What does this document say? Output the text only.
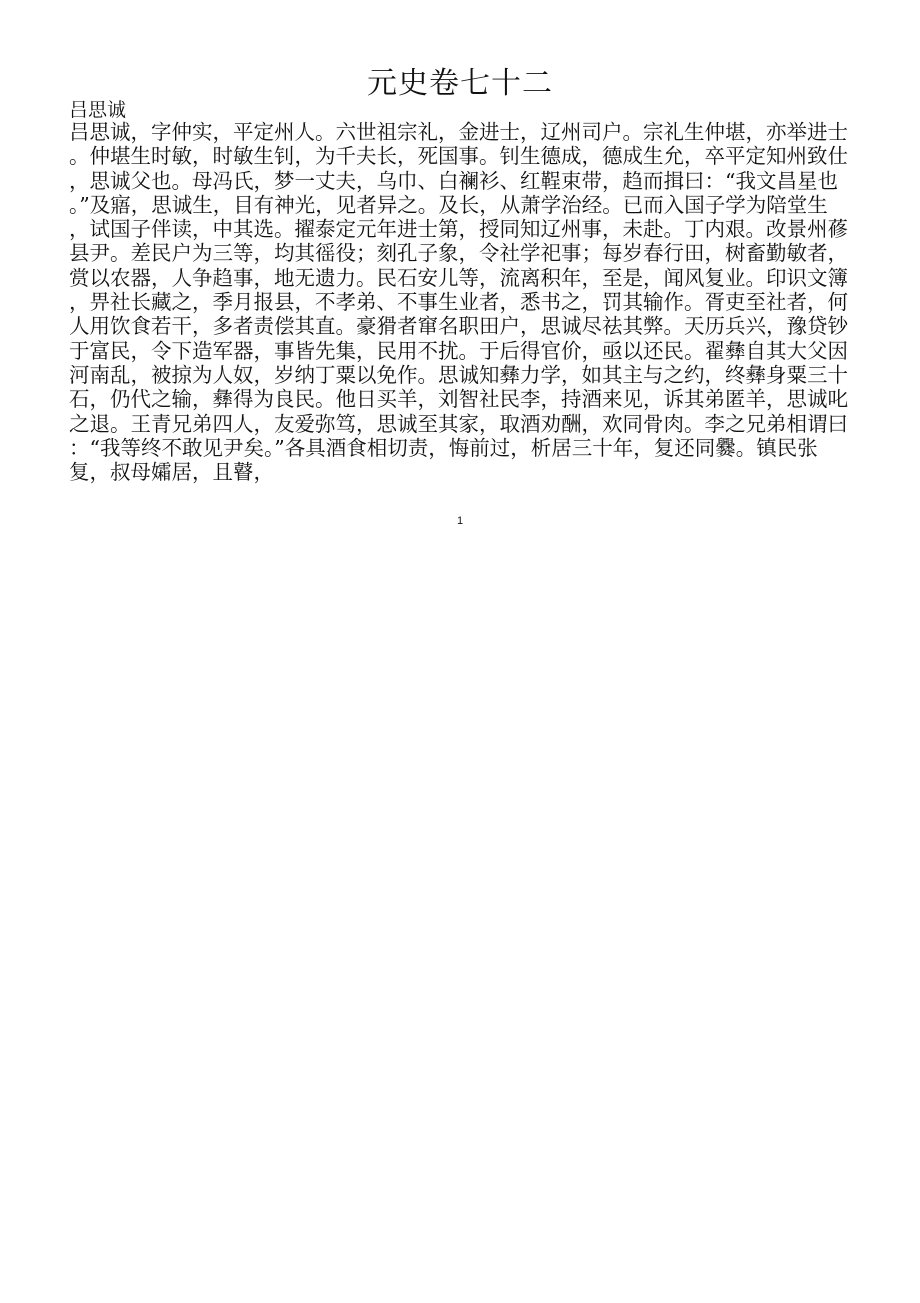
元史卷七十二

吕思诚

吕思诚，字仲实，平定州人。六世祖宗礼，金进士，辽州司户。宗礼生仲堪，亦举进士
。仲堪生时敏，时敏生钊，为千夫长，死国事。钊生德成，德成生允，卒平定知州致仕
，思诚父也。母冯氏，梦一丈夫，乌巾、白襕衫、红鞓束带，趋而揖曰：“我文昌星也
。”及寤，思诚生，目有神光，见者异之。及长，从萧学治经。已而入国子学为陪堂生
，试国子伴读，中其选。擢泰定元年进士第，授同知辽州事，未赴。丁内艰。改景州蓚
县尹。差民户为三等，均其徭役；刻孔子象，令社学祀事；每岁春行田，树畜勤敏者，
赏以农器，人争趋事，地无遗力。民石安儿等，流离积年，至是，闻风复业。印识文簿
，畀社长藏之，季月报县，不孝弟、不事生业者，悉书之，罚其输作。胥吏至社者，何
人用饮食若干，多者责偿其直。豪猾者窜名职田户，思诚尽祛其弊。天历兵兴，豫贷钞
于富民，令下造军器，事皆先集，民用不扰。于后得官价，亟以还民。翟彝自其大父因
河南乱，被掠为人奴，岁纳丁粟以免作。思诚知彝力学，如其主与之约，终彝身粟三十
石，仍代之输，彝得为良民。他日买羊，刘智社民李，持酒来见，诉其弟匿羊，思诚叱
之退。王青兄弟四人，友爱弥笃，思诚至其家，取酒劝酬，欢同骨肉。李之兄弟相谓曰
：“我等终不敢见尹矣。”各具酒食相切责，悔前过，析居三十年，复还同爨。镇民张
复，叔母孀居，且瞽，
1
